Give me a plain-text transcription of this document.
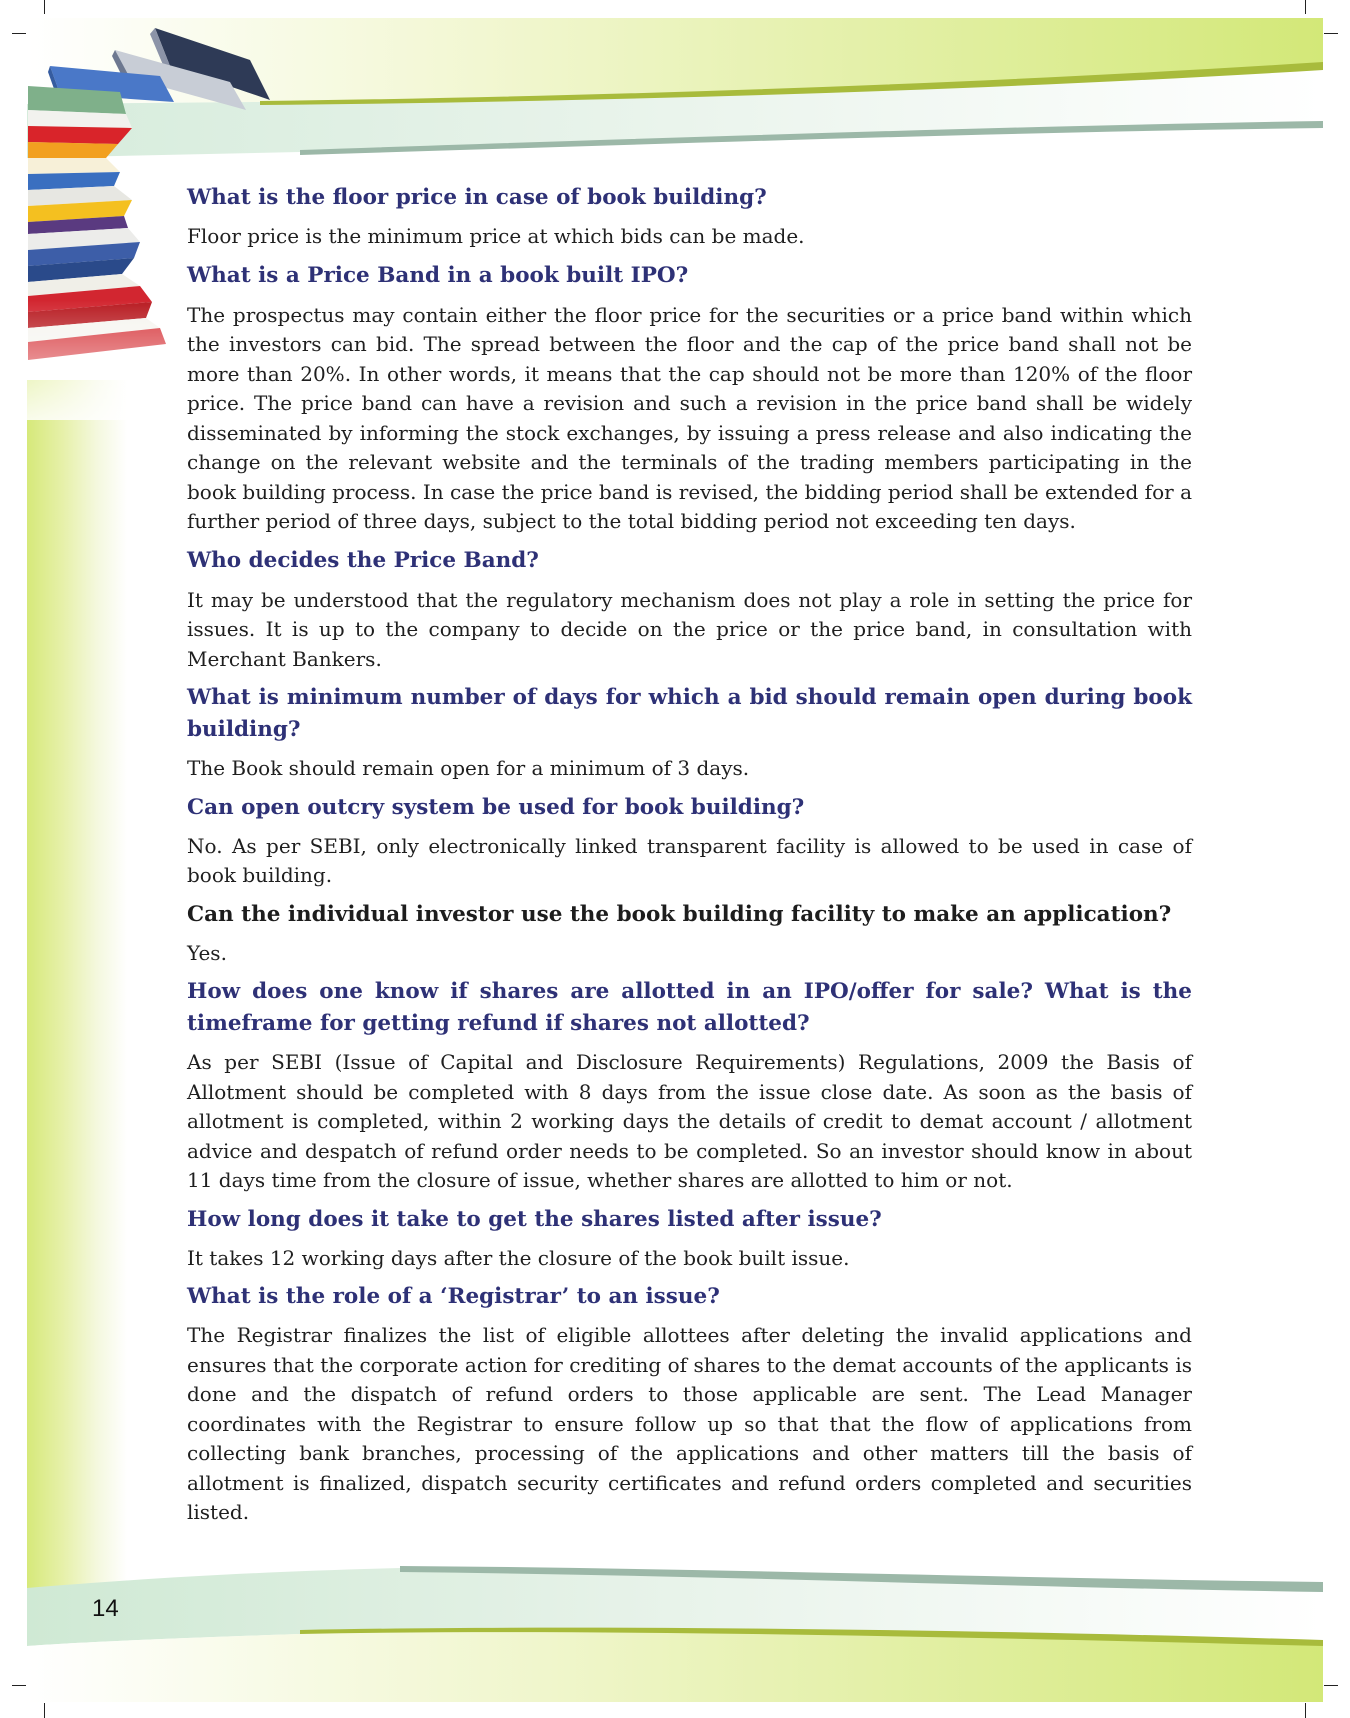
What is the floor price in case of book building?

Floor price is the minimum price at which bids can be made.

What is a Price Band in a book built IPO?

The prospectus may contain either the floor price for the securities or a price band within which the investors can bid. The spread between the floor and the cap of the price band shall not be more than 20%. In other words, it means that the cap should not be more than 120% of the floor price. The price band can have a revision and such a revision in the price band shall be widely disseminated by informing the stock exchanges, by issuing a press release and also indicating the change on the relevant website and the terminals of the trading members participating in the book building process. In case the price band is revised, the bidding period shall be extended for a further period of three days, subject to the total bidding period not exceeding ten days.

Who decides the Price Band?

It may be understood that the regulatory mechanism does not play a role in setting the price for issues. It is up to the company to decide on the price or the price band, in consultation with Merchant Bankers.

What is minimum number of days for which a bid should remain open during book building?

The Book should remain open for a minimum of 3 days.

Can open outcry system be used for book building?

No. As per SEBI, only electronically linked transparent facility is allowed to be used in case of book building.

Can the individual investor use the book building facility to make an application?

Yes.

How does one know if shares are allotted in an IPO/offer for sale? What is the timeframe for getting refund if shares not allotted?

As per SEBI (Issue of Capital and Disclosure Requirements) Regulations, 2009 the Basis of Allotment should be completed with 8 days from the issue close date. As soon as the basis of allotment is completed, within 2 working days the details of credit to demat account / allotment advice and despatch of refund order needs to be completed. So an investor should know in about 11 days time from the closure of issue, whether shares are allotted to him or not.

How long does it take to get the shares listed after issue?

It takes 12 working days after the closure of the book built issue.

What is the role of a ‘Registrar’ to an issue?

The Registrar finalizes the list of eligible allottees after deleting the invalid applications and ensures that the corporate action for crediting of shares to the demat accounts of the applicants is done and the dispatch of refund orders to those applicable are sent. The Lead Manager coordinates with the Registrar to ensure follow up so that that the flow of applications from collecting bank branches, processing of the applications and other matters till the basis of allotment is finalized, dispatch security certificates and refund orders completed and securities listed.

14
